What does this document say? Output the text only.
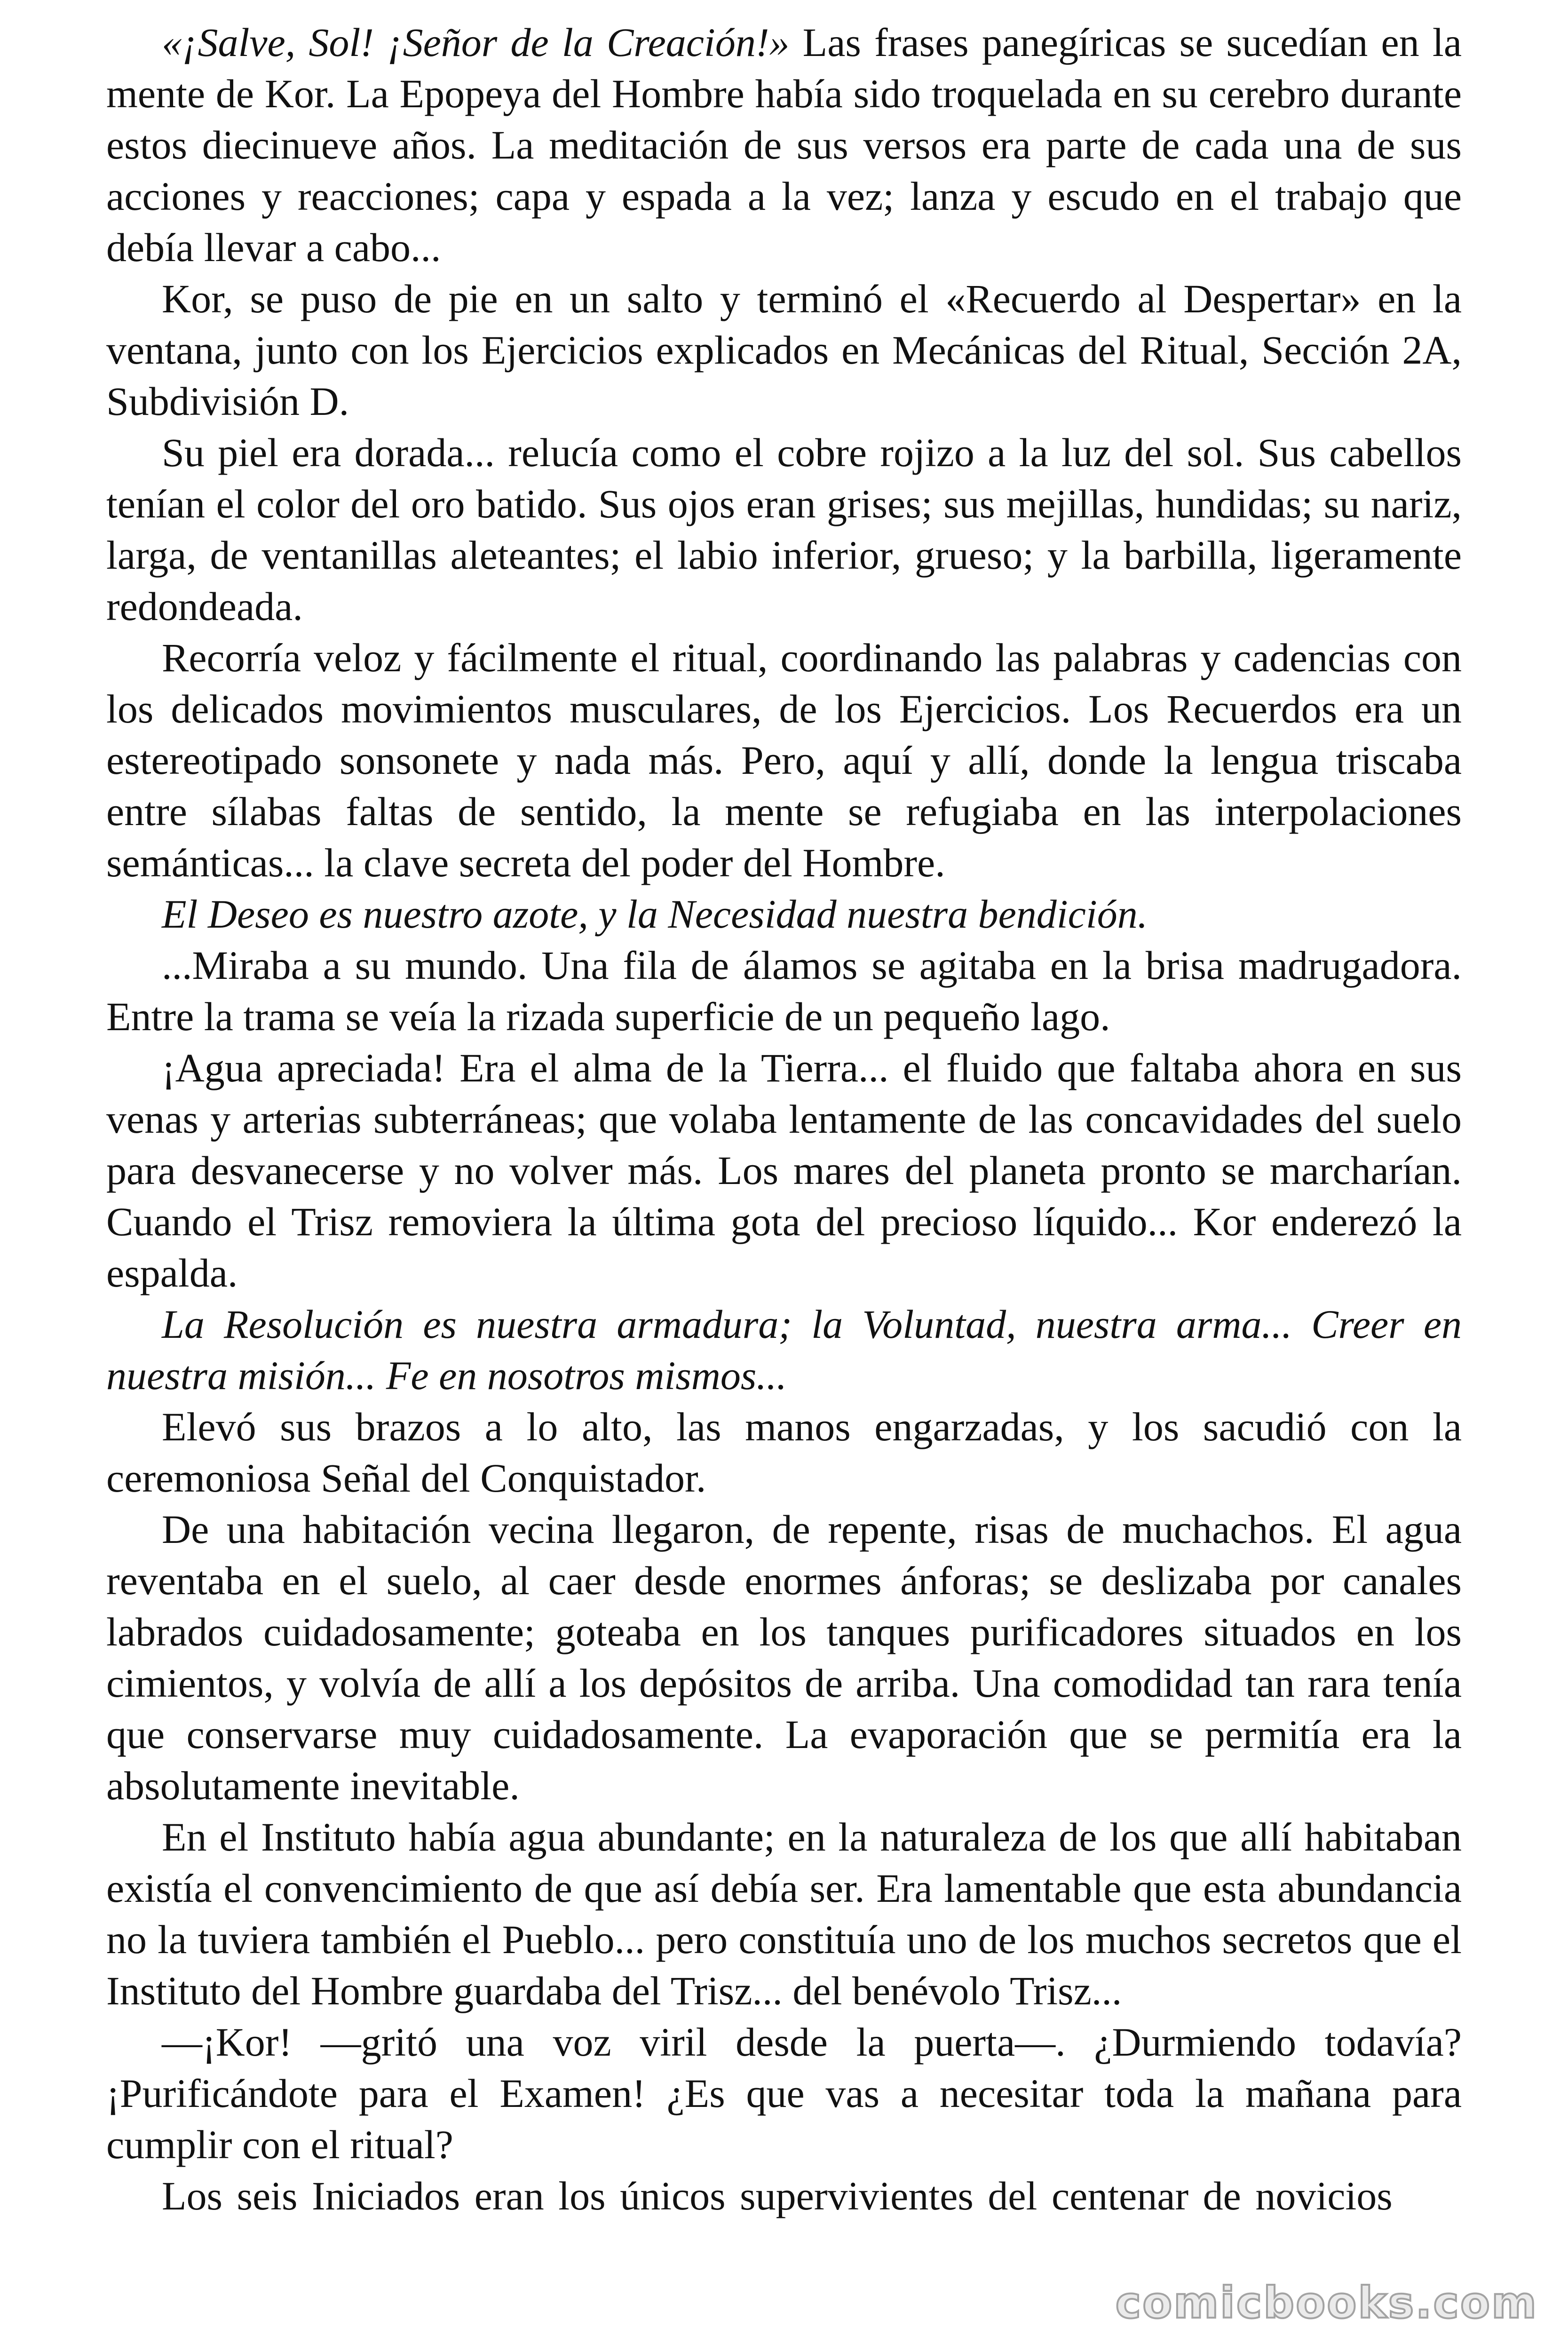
«¡Salve, Sol! ¡Señor de la Creación!» Las frases panegíricas se sucedían en la mente de Kor. La Epopeya del Hombre había sido troquelada en su cerebro durante estos diecinueve años. La meditación de sus versos era parte de cada una de sus acciones y reacciones; capa y espada a la vez; lanza y escudo en el trabajo que debía llevar a cabo...

Kor, se puso de pie en un salto y terminó el «Recuerdo al Despertar» en la ventana, junto con los Ejercicios explicados en Mecánicas del Ritual, Sección 2A, Subdivisión D.

Su piel era dorada... relucía como el cobre rojizo a la luz del sol. Sus cabellos tenían el color del oro batido. Sus ojos eran grises; sus mejillas, hundidas; su nariz, larga, de ventanillas aleteantes; el labio inferior, grueso; y la barbilla, ligeramente redondeada.

Recorría veloz y fácilmente el ritual, coordinando las palabras y cadencias con los delicados movimientos musculares, de los Ejercicios. Los Recuerdos era un estereotipado sonsonete y nada más. Pero, aquí y allí, donde la lengua triscaba entre sílabas faltas de sentido, la mente se refugiaba en las interpolaciones semánticas... la clave secreta del poder del Hombre.

El Deseo es nuestro azote, y la Necesidad nuestra bendición.

...Miraba a su mundo. Una fila de álamos se agitaba en la brisa madrugadora. Entre la trama se veía la rizada superficie de un pequeño lago.

¡Agua apreciada! Era el alma de la Tierra... el fluido que faltaba ahora en sus venas y arterias subterráneas; que volaba lentamente de las concavidades del suelo para desvanecerse y no volver más. Los mares del planeta pronto se marcharían. Cuando el Trisz removiera la última gota del precioso líquido... Kor enderezó la espalda.

La Resolución es nuestra armadura; la Voluntad, nuestra arma... Creer en nuestra misión... Fe en nosotros mismos...

Elevó sus brazos a lo alto, las manos engarzadas, y los sacudió con la ceremoniosa Señal del Conquistador.

De una habitación vecina llegaron, de repente, risas de muchachos. El agua reventaba en el suelo, al caer desde enormes ánforas; se deslizaba por canales labrados cuidadosamente; goteaba en los tanques purificadores situados en los cimientos, y volvía de allí a los depósitos de arriba. Una comodidad tan rara tenía que conservarse muy cuidadosamente. La evaporación que se permitía era la absolutamente inevitable.

En el Instituto había agua abundante; en la naturaleza de los que allí habitaban existía el convencimiento de que así debía ser. Era lamentable que esta abundancia no la tuviera también el Pueblo... pero constituía uno de los muchos secretos que el Instituto del Hombre guardaba del Trisz... del benévolo Trisz...

—¡Kor! —gritó una voz viril desde la puerta—. ¿Durmiendo todavía? ¡Purificándote para el Examen! ¿Es que vas a necesitar toda la mañana para cumplir con el ritual?

Los seis Iniciados eran los únicos supervivientes del centenar de novicios

comicbooks.com
